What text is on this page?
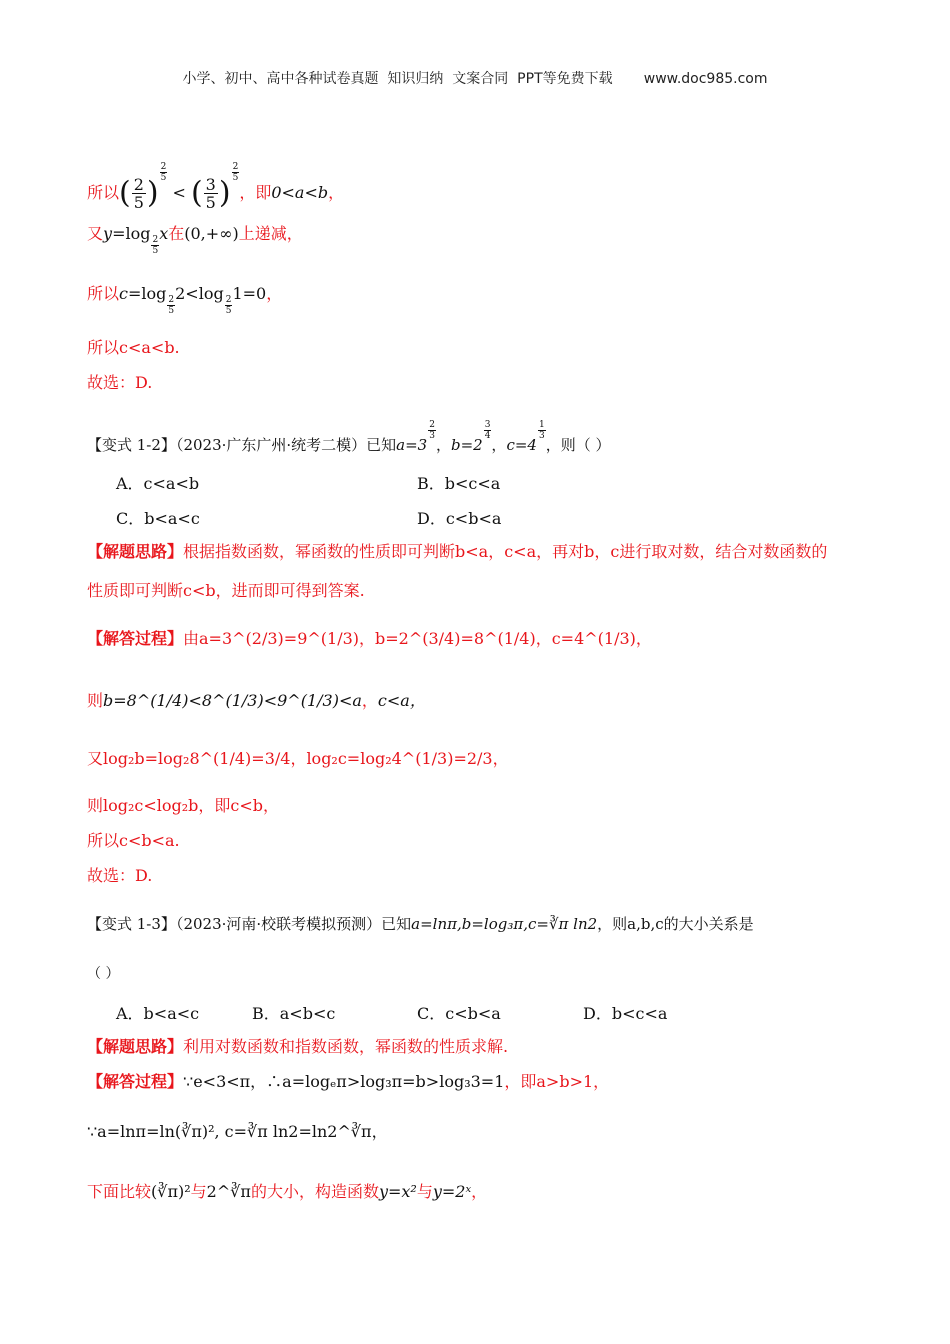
小学、初中、高中各种试卷真题  知识归纳  文案合同  PPT等免费下载       www.doc985.com
所以( $\frac{2}{5}$ )
$\frac{2}{5}$
< ( $\frac{3}{5}$ )
$\frac{2}{5}$
，即0<a<b，
又y=log
$\frac{2}{5}$
x在(0,+∞)上递减，
所以c=log
$\frac{2}{5}$
2<log
$\frac{2}{5}$
1=0，
所以c<a<b.
故选：D.
【变式 1-2】（2023·广东广州·统考二模）已知a=3
$\frac{2}{3}$
，b=2
$\frac{3}{4}$
，c=4
$\frac{1}{3}$
，则（ ）
A．c<a<b	B．b<c<a
C．b<a<c	D．c<b<a
【解题思路】根据指数函数，幂函数的性质即可判断b<a，c<a，再对b，c进行取对数，结合对数函数的
性质即可判断c<b，进而即可得到答案.
【解答过程】由a=3^(2/3)=9^(1/3)，b=2^(3/4)=8^(1/4)，c=4^(1/3)，
则b=8^(1/4)<8^(1/3)<9^(1/3)<a，c<a，
又log₂b=log₂8^(1/4)=3/4，log₂c=log₂4^(1/3)=2/3，
则log₂c<log₂b，即c<b，
所以c<b<a.
故选：D.
【变式 1-3】（2023·河南·校联考模拟预测）已知a=lnπ,b=log₃π,c=∛π ln2，则a,b,c的大小关系是
（ ）
A．b<a<c	B．a<b<c	C．c<b<a	D．b<c<a
【解题思路】利用对数函数和指数函数，幂函数的性质求解.
【解答过程】∵e<3<π，∴a=logₑπ>log₃π=b>log₃3=1，即a>b>1，
∵a=lnπ=ln(∛π)², c=∛π ln2=ln2^∛π，
下面比较(∛π)²与2^∛π的大小，构造函数y=x²与y=2ˣ，
